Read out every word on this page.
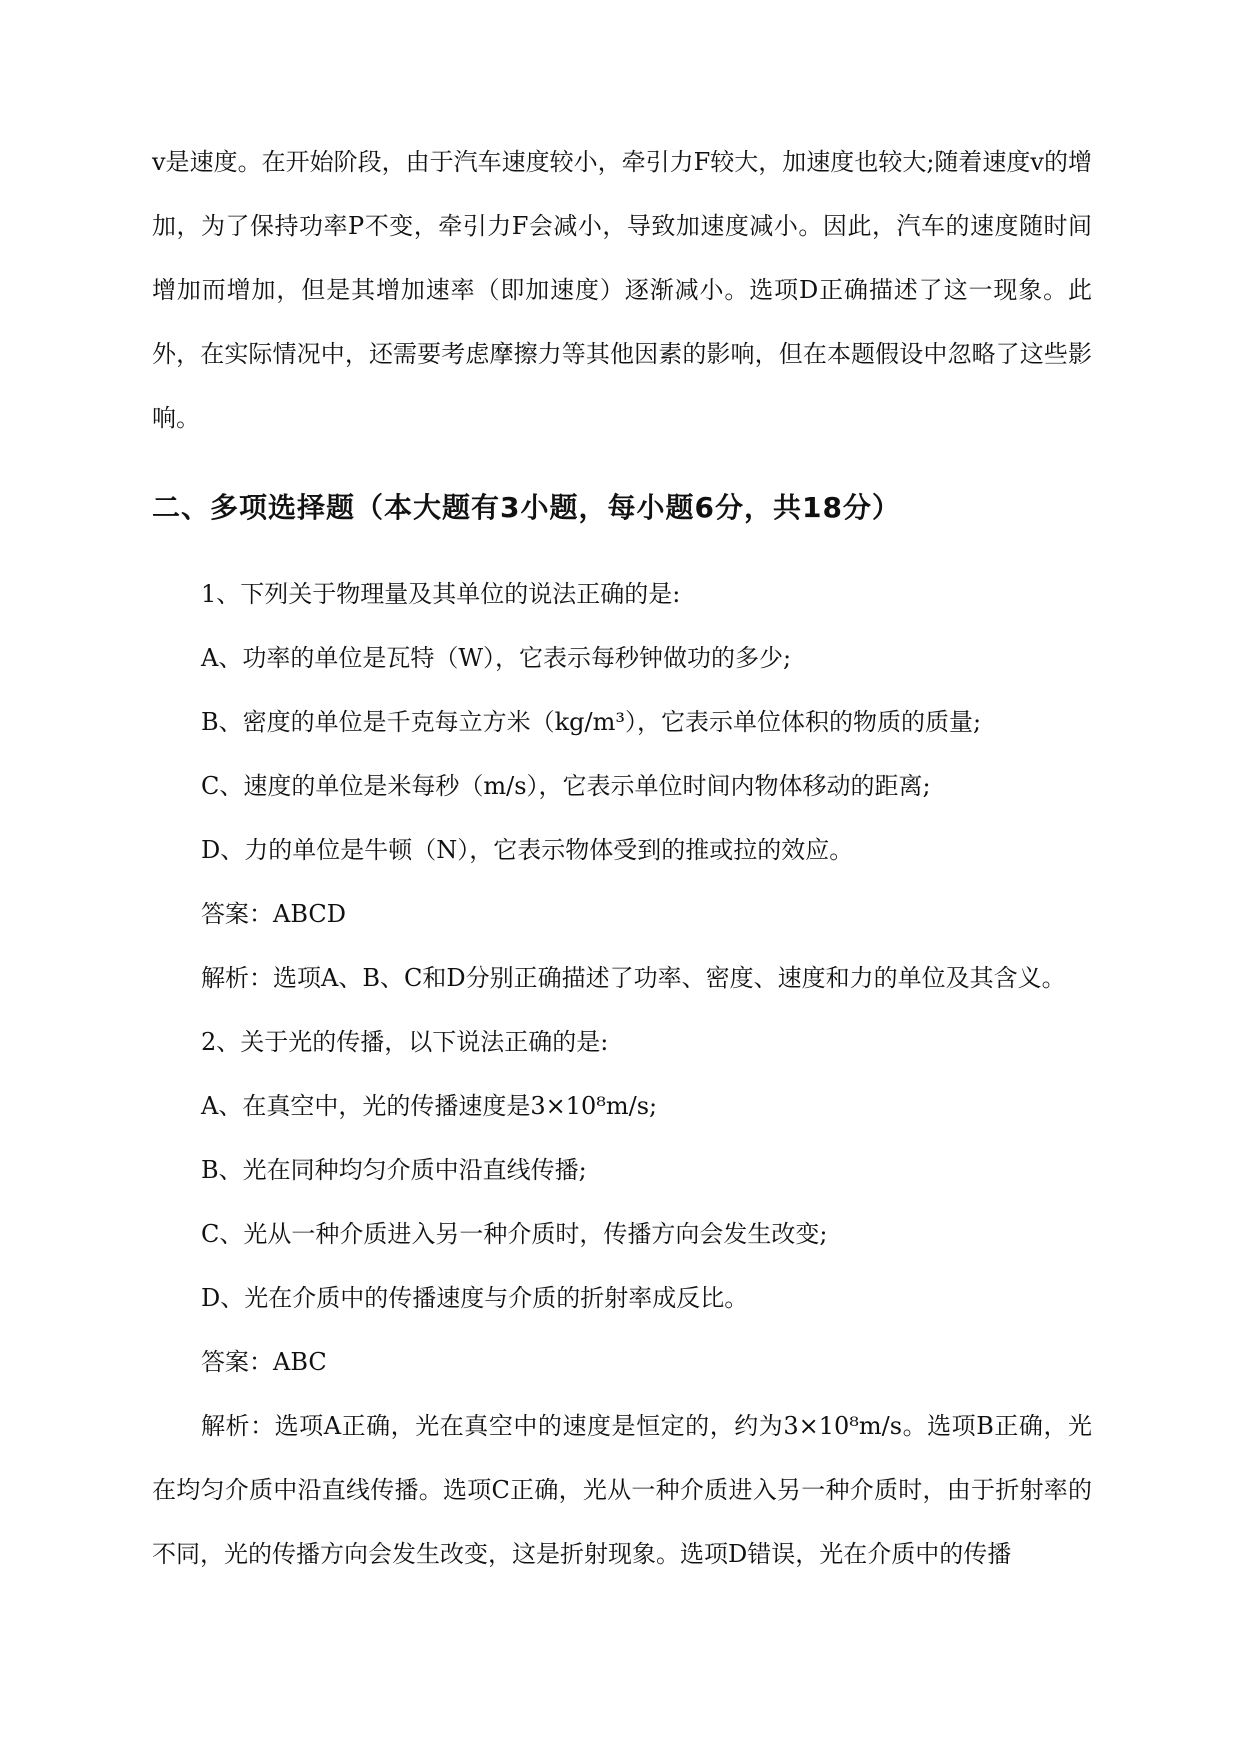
v是速度。在开始阶段，由于汽车速度较小，牵引力F较大，加速度也较大;随着速度v的增加，为了保持功率P不变，牵引力F会减小，导致加速度减小。因此，汽车的速度随时间增加而增加，但是其增加速率（即加速度）逐渐减小。选项D正确描述了这一现象。此外，在实际情况中，还需要考虑摩擦力等其他因素的影响，但在本题假设中忽略了这些影响。

二、多项选择题（本大题有3小题，每小题6分，共18分）

1、下列关于物理量及其单位的说法正确的是:

A、功率的单位是瓦特（W），它表示每秒钟做功的多少;

B、密度的单位是千克每立方米（kg/m³），它表示单位体积的物质的质量;

C、速度的单位是米每秒（m/s），它表示单位时间内物体移动的距离;

D、力的单位是牛顿（N），它表示物体受到的推或拉的效应。

答案：ABCD

解析：选项A、B、C和D分别正确描述了功率、密度、速度和力的单位及其含义。

2、关于光的传播，以下说法正确的是:

A、在真空中，光的传播速度是3×10⁸m/s;

B、光在同种均匀介质中沿直线传播;

C、光从一种介质进入另一种介质时，传播方向会发生改变;

D、光在介质中的传播速度与介质的折射率成反比。

答案：ABC

解析：选项A正确，光在真空中的速度是恒定的，约为3×10⁸m/s。选项B正确，光在均匀介质中沿直线传播。选项C正确，光从一种介质进入另一种介质时，由于折射率的不同，光的传播方向会发生改变，这是折射现象。选项D错误，光在介质中的传播
